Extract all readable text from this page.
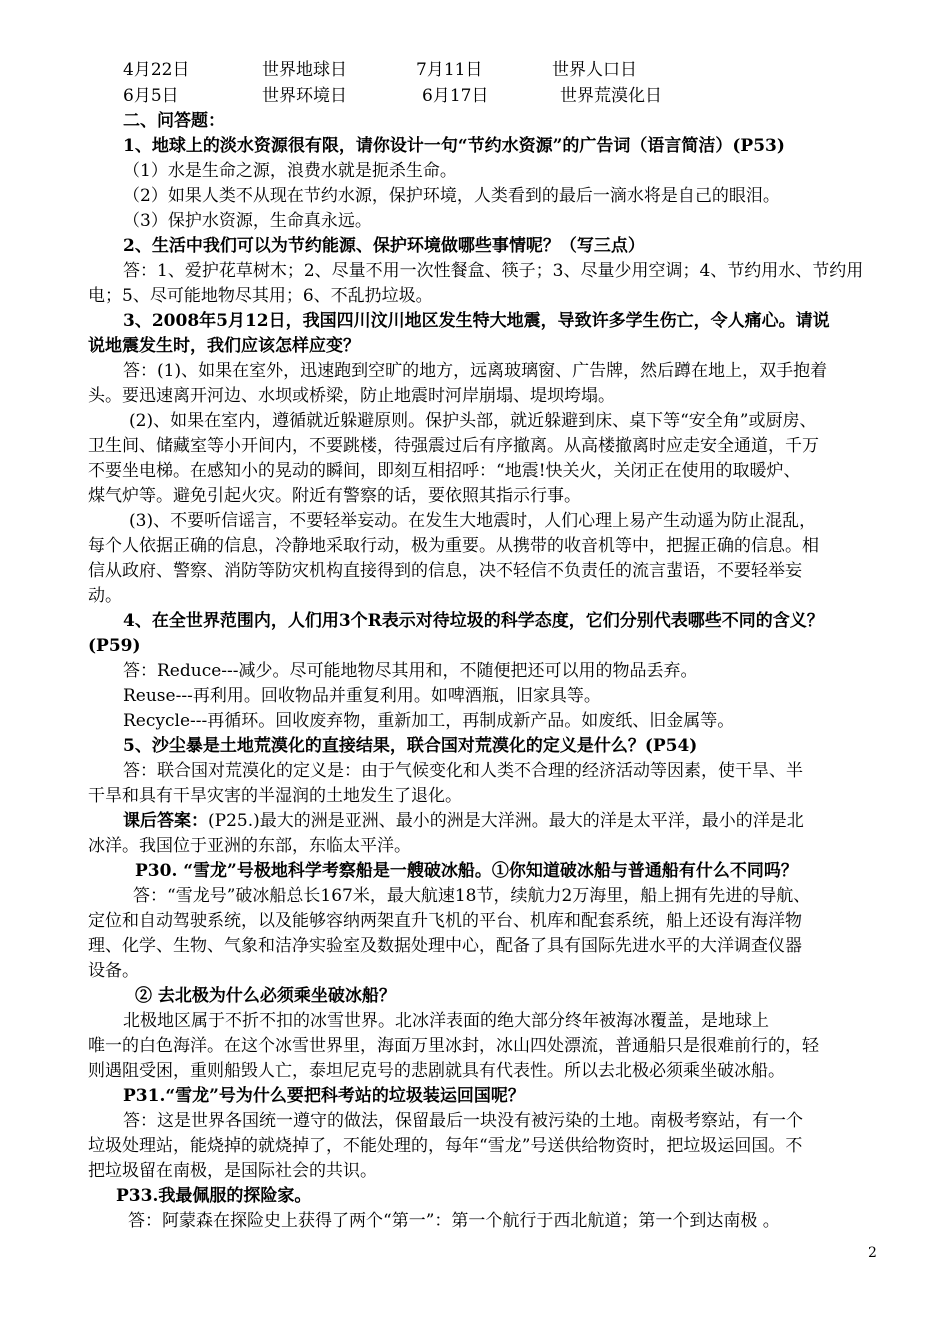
4月22日	世界地球日	7月11日	世界人口日
6月5日	世界环境日	6月17日	世界荒漠化日
二、问答题：
1、地球上的淡水资源很有限，请你设计一句“节约水资源”的广告词（语言简洁）(P53)
（1）水是生命之源，浪费水就是扼杀生命。
（2）如果人类不从现在节约水源，保护环境，人类看到的最后一滴水将是自己的眼泪。
（3）保护水资源，生命真永远。
2、生活中我们可以为节约能源、保护环境做哪些事情呢？（写三点）
答：1、爱护花草树木；2、尽量不用一次性餐盒、筷子；3、尽量少用空调；4、节约用水、节约用
电；5、尽可能地物尽其用；6、不乱扔垃圾。
3、2008年5月12日，我国四川汶川地区发生特大地震，导致许多学生伤亡，令人痛心。请说
说地震发生时，我们应该怎样应变？
答：(1)、如果在室外，迅速跑到空旷的地方，远离玻璃窗、广告牌，然后蹲在地上，双手抱着
头。要迅速离开河边、水坝或桥梁，防止地震时河岸崩塌、堤坝垮塌。
(2)、如果在室内，遵循就近躲避原则。保护头部，就近躲避到床、桌下等“安全角”或厨房、
卫生间、储藏室等小开间内，不要跳楼，待强震过后有序撤离。从高楼撤离时应走安全通道，千万
不要坐电梯。在感知小的晃动的瞬间，即刻互相招呼：“地震!快关火，关闭正在使用的取暖炉、
煤气炉等。避免引起火灾。附近有警察的话，要依照其指示行事。
(3)、不要听信谣言，不要轻举妄动。在发生大地震时，人们心理上易产生动遥为防止混乱，
每个人依据正确的信息，冷静地采取行动，极为重要。从携带的收音机等中，把握正确的信息。相
信从政府、警察、消防等防灾机构直接得到的信息，决不轻信不负责任的流言蜚语，不要轻举妄
动。
4、在全世界范围内，人们用3个R表示对待垃圾的科学态度，它们分别代表哪些不同的含义？
(P59)
答：Reduce---减少。尽可能地物尽其用和，不随便把还可以用的物品丢弃。
Reuse---再利用。回收物品并重复利用。如啤酒瓶，旧家具等。
Recycle---再循环。回收废弃物，重新加工，再制成新产品。如废纸、旧金属等。
5、沙尘暴是土地荒漠化的直接结果，联合国对荒漠化的定义是什么？(P54)
答：联合国对荒漠化的定义是：由于气候变化和人类不合理的经济活动等因素，使干旱、半
干旱和具有干旱灾害的半湿润的土地发生了退化。
课后答案：(P25.)最大的洲是亚洲、最小的洲是大洋洲。最大的洋是太平洋，最小的洋是北
冰洋。我国位于亚洲的东部，东临太平洋。
P30. “雪龙”号极地科学考察船是一艘破冰船。①你知道破冰船与普通船有什么不同吗？
答：“雪龙号”破冰船总长167米，最大航速18节，续航力2万海里，船上拥有先进的导航、
定位和自动驾驶系统，以及能够容纳两架直升飞机的平台、机库和配套系统，船上还设有海洋物
理、化学、生物、气象和洁净实验室及数据处理中心，配备了具有国际先进水平的大洋调查仪器
设备。
② 去北极为什么必须乘坐破冰船？
北极地区属于不折不扣的冰雪世界。北冰洋表面的绝大部分终年被海冰覆盖，是地球上
唯一的白色海洋。在这个冰雪世界里，海面万里冰封，冰山四处漂流，普通船只是很难前行的，轻
则遇阻受困，重则船毁人亡，泰坦尼克号的悲剧就具有代表性。所以去北极必须乘坐破冰船。
P31.“雪龙”号为什么要把科考站的垃圾装运回国呢？
答：这是世界各国统一遵守的做法，保留最后一块没有被污染的土地。南极考察站，有一个
垃圾处理站，能烧掉的就烧掉了，不能处理的，每年“雪龙”号送供给物资时，把垃圾运回国。不
把垃圾留在南极，是国际社会的共识。
P33.我最佩服的探险家。
答：阿蒙森在探险史上获得了两个“第一”：第一个航行于西北航道；第一个到达南极 。
2
